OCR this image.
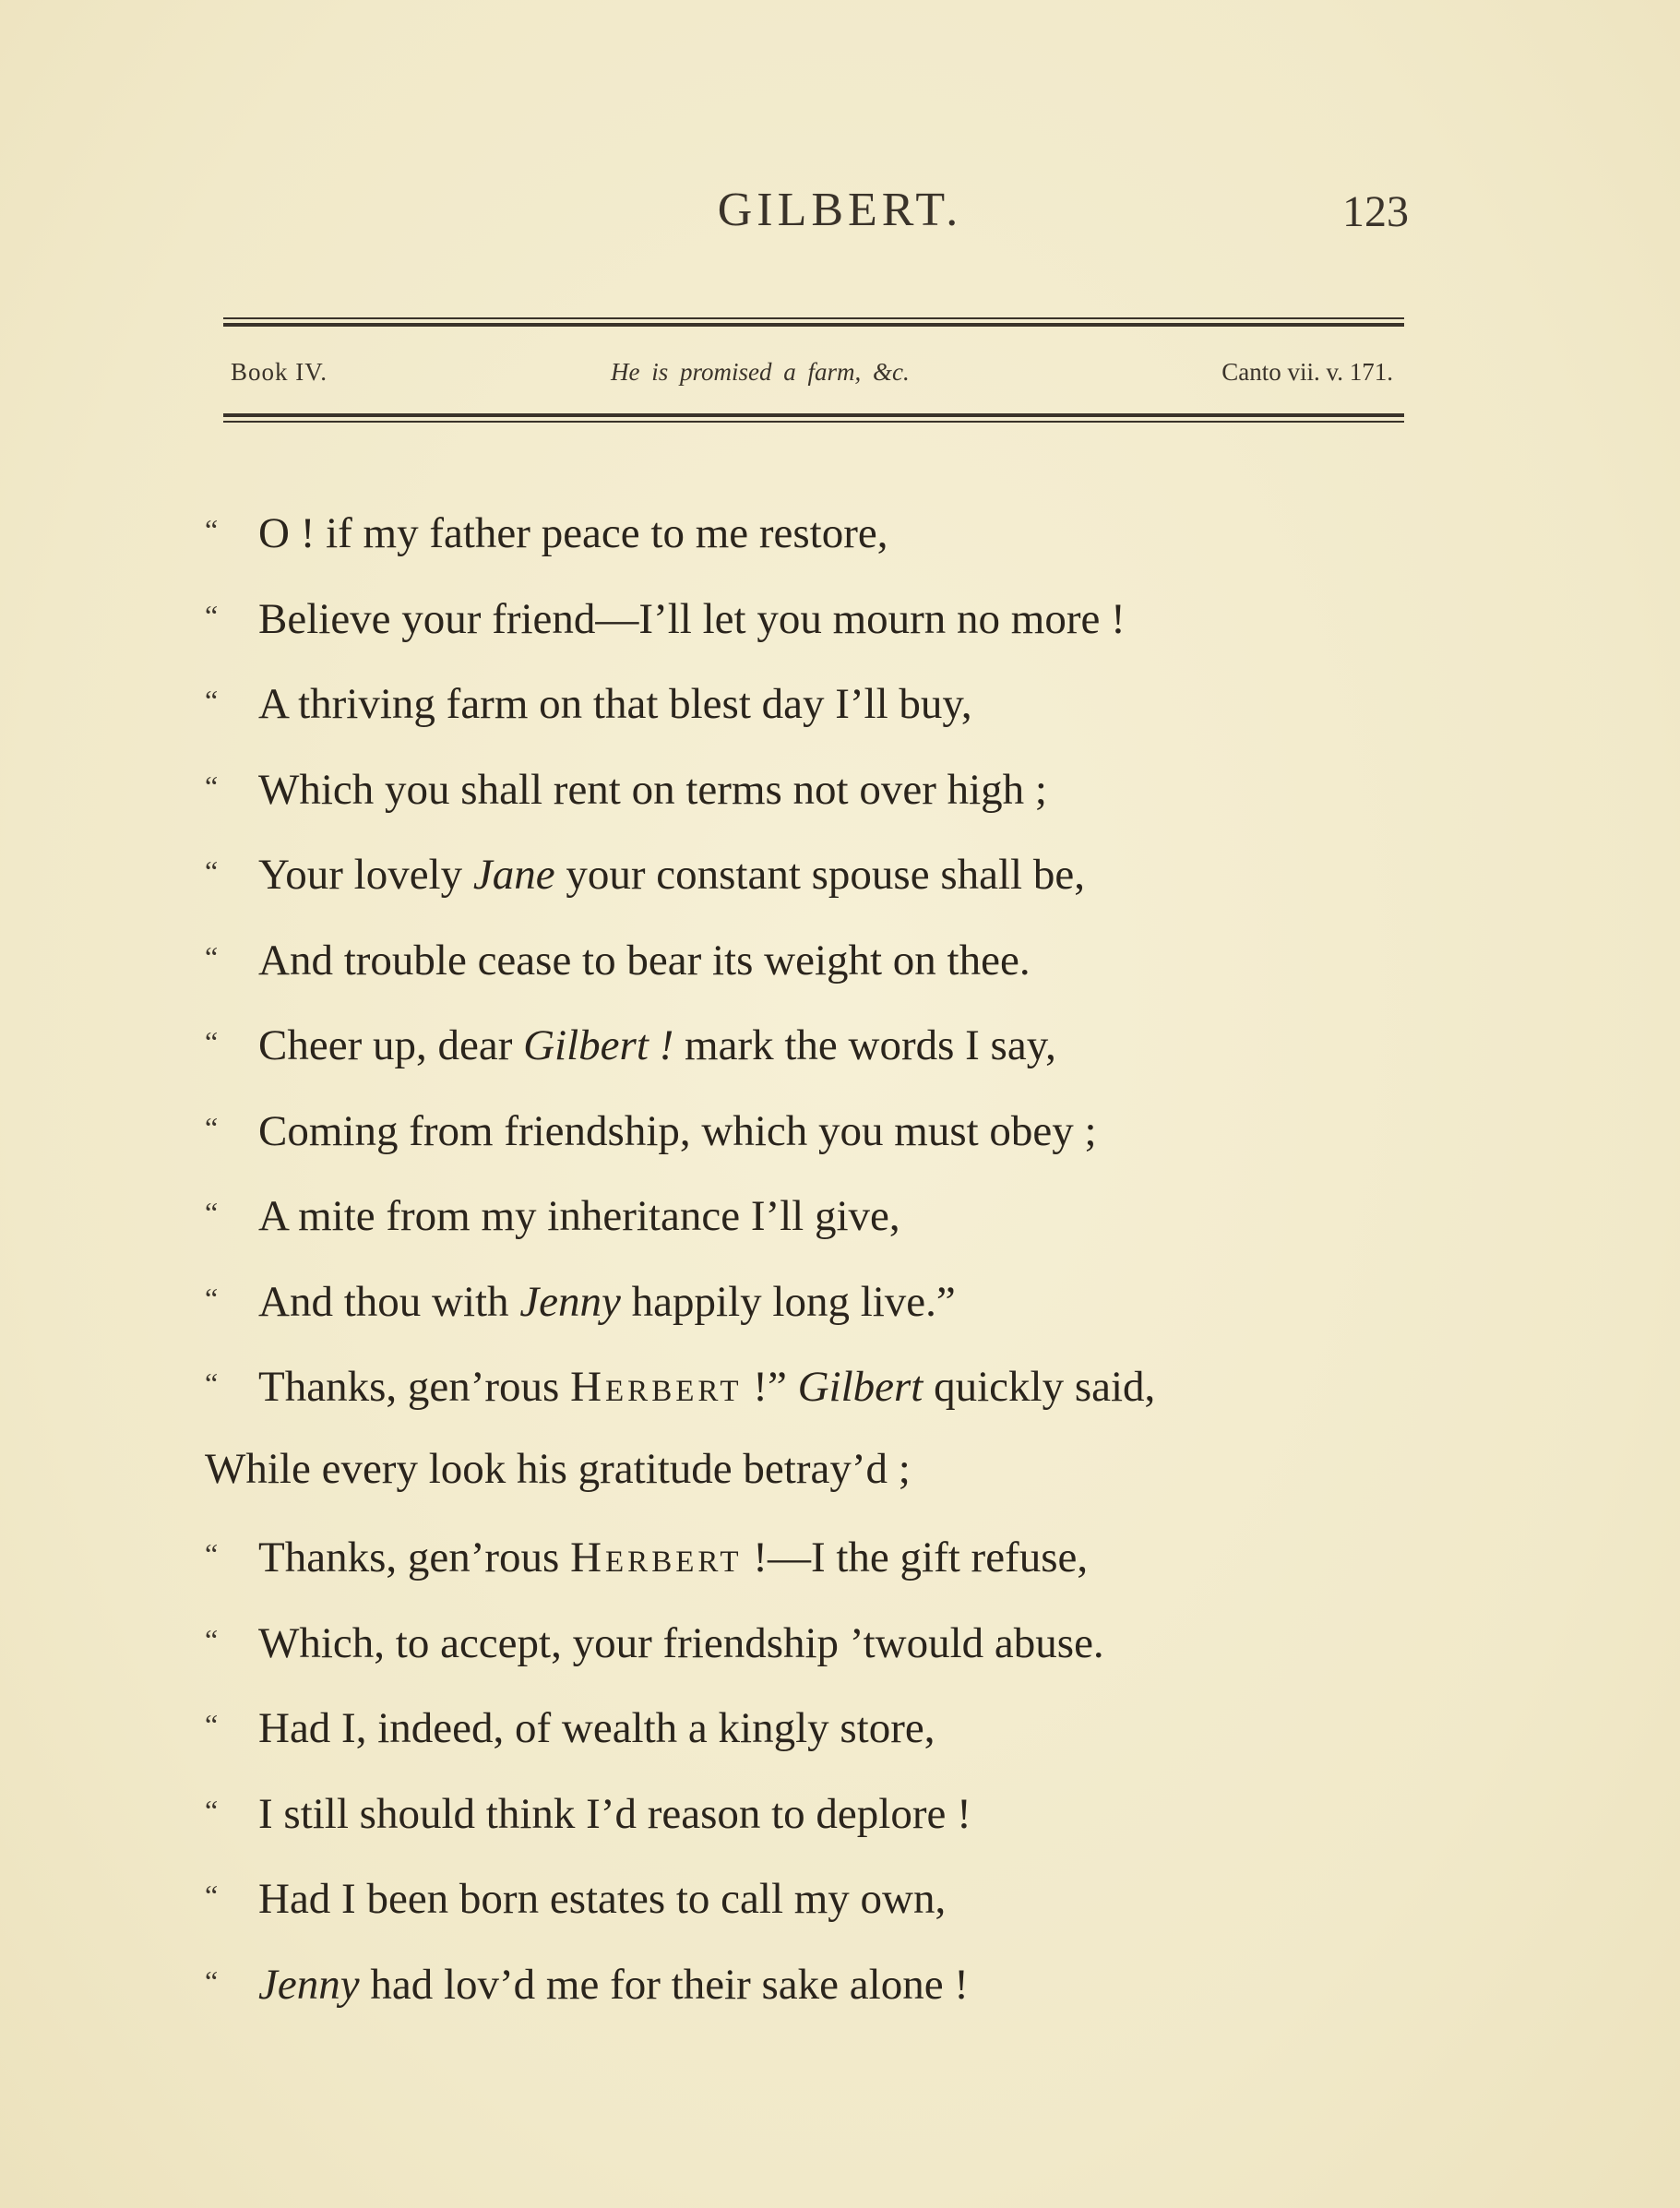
GILBERT.	123
Book IV.	He is promised a farm, &c.	Canto vii. v. 171.
“ O ! if my father peace to me restore,
“ Believe your friend—I’ll let you mourn no more !
“ A thriving farm on that blest day I’ll buy,
“ Which you shall rent on terms not over high ;
“ Your lovely Jane your constant spouse shall be,
“ And trouble cease to bear its weight on thee.
“ Cheer up, dear Gilbert ! mark the words I say,
“ Coming from friendship, which you must obey ;
“ A mite from my inheritance I’ll give,
“ And thou with Jenny happily long live.”
“ Thanks, gen’rous Herbert !” Gilbert quickly said,
While every look his gratitude betray’d ;
“ Thanks, gen’rous Herbert !—I the gift refuse,
“ Which, to accept, your friendship ’twould abuse.
“ Had I, indeed, of wealth a kingly store,
“ I still should think I’d reason to deplore !
“ Had I been born estates to call my own,
“ Jenny had lov’d me for their sake alone !
